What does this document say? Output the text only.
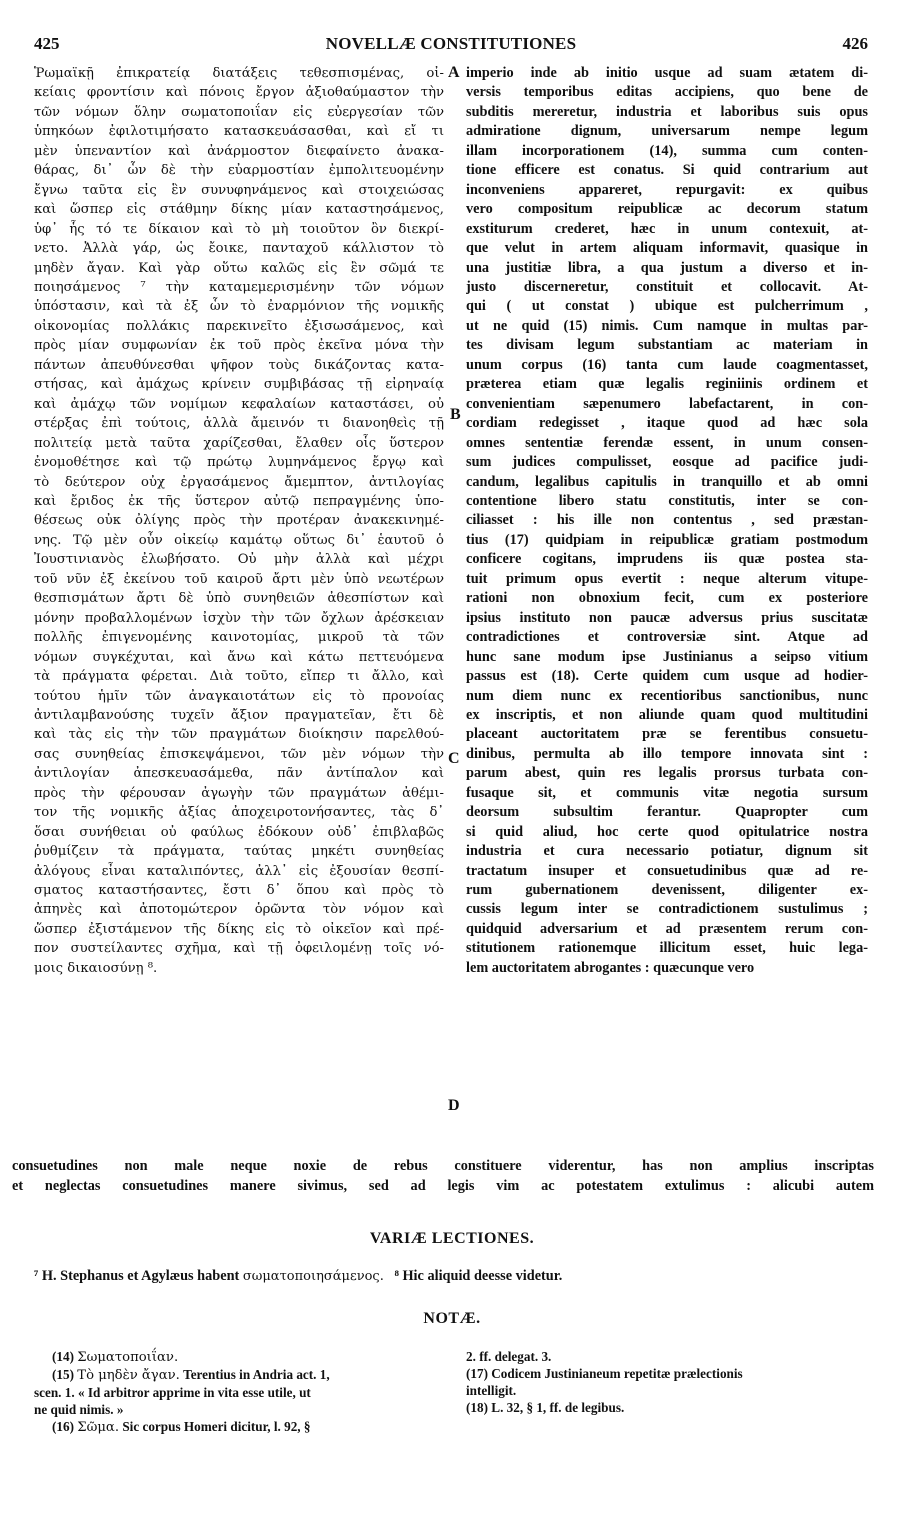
425	NOVELLÆ CONSTITUTIONES	426
Ῥωμαϊκῇ ἐπικρατείᾳ διατάξεις τεθεσπισμένας, οἰ-
κείαις φροντίσιν καὶ πόνοις ἔργον ἀξιοθαύμαστον τὴν
τῶν νόμων ὅλην σωματοποιΐαν εἰς εὐεργεσίαν τῶν
ὑπηκόων ἐφιλοτιμήσατο κατασκευάσασθαι, καὶ εἴ τι
μὲν ὑπεναντίον καὶ ἀνάρμοστον διεφαίνετο ἀνακα-
θάρας, δι᾽ ὧν δὲ τὴν εὐαρμοστίαν ἐμπολιτευομένην
ἔγνω ταῦτα εἰς ἓν συνυφηνάμενος καὶ στοιχειώσας
καὶ ὥσπερ εἰς στάθμην δίκης μίαν καταστησάμενος,
ὑφ᾽ ἧς τό τε δίκαιον καὶ τὸ μὴ τοιοῦτον ὂν διεκρί-
νετο. Ἀλλὰ γάρ, ὡς ἔοικε, πανταχοῦ κάλλιστον τὸ
μηδὲν ἄγαν. Καὶ γὰρ οὕτω καλῶς εἰς ἓν σῶμά τε
ποιησάμενος ⁷ τὴν καταμεμερισμένην τῶν νόμων
ὑπόστασιν, καὶ τὰ ἐξ ὧν τὸ ἐναρμόνιον τῆς νομικῆς
οἰκονομίας πολλάκις παρεκινεῖτο ἐξισωσάμενος, καὶ
πρὸς μίαν συμφωνίαν ἐκ τοῦ πρὸς ἐκεῖνα μόνα τὴν
πάντων ἀπευθύνεσθαι ψῆφον τοὺς δικάζοντας κατα-
στήσας, καὶ ἀμάχως κρίνειν συμβιβάσας τῇ εἰρηναίᾳ
καὶ ἀμάχῳ τῶν νομίμων κεφαλαίων καταστάσει, οὐ
στέρξας ἐπὶ τούτοις, ἀλλὰ ἄμεινόν τι διανοηθεὶς τῇ
πολιτείᾳ μετὰ ταῦτα χαρίζεσθαι, ἔλαθεν οἷς ὕστερον
ἐνομοθέτησε καὶ τῷ πρώτῳ λυμηνάμενος ἔργῳ καὶ
τὸ δεύτερον οὐχ ἐργασάμενος ἄμεμπτον, ἀντιλογίας
καὶ ἔριδος ἐκ τῆς ὕστερον αὐτῷ πεπραγμένης ὑπο-
θέσεως οὐκ ὀλίγης πρὸς τὴν προτέραν ἀνακεκινημέ-
νης. Τῷ μὲν οὖν οἰκείῳ καμάτῳ οὕτως δι᾽ ἑαυτοῦ ὁ
Ἰουστινιανὸς ἐλωβήσατο. Οὐ μὴν ἀλλὰ καὶ μέχρι
τοῦ νῦν ἐξ ἐκείνου τοῦ καιροῦ ἄρτι μὲν ὑπὸ νεωτέρων
θεσπισμάτων ἄρτι δὲ ὑπὸ συνηθειῶν ἀθεσπίστων καὶ
μόνην προβαλλομένων ἰσχὺν τὴν τῶν ὄχλων ἀρέσκειαν
πολλῆς ἐπιγενομένης καινοτομίας, μικροῦ τὰ τῶν
νόμων συγκέχυται, καὶ ἄνω καὶ κάτω πεττευόμενα
τὰ πράγματα φέρεται. Διὰ τοῦτο, εἴπερ τι ἄλλο, καὶ
τούτου ἡμῖν τῶν ἀναγκαιοτάτων εἰς τὸ προνοίας
ἀντιλαμβανούσης τυχεῖν ἄξιον πραγματεῖαν, ἔτι δὲ
καὶ τὰς εἰς τὴν τῶν πραγμάτων διοίκησιν παρελθού-
σας συνηθείας ἐπισκεψάμενοι, τῶν μὲν νόμων τὴν
ἀντιλογίαν ἀπεσκευασάμεθα, πᾶν ἀντίπαλον καὶ
πρὸς τὴν φέρουσαν ἀγωγὴν τῶν πραγμάτων ἀθέμι-
τον τῆς νομικῆς ἀξίας ἀποχειροτονήσαντες, τὰς δ᾽
ὅσαι συνήθειαι οὐ φαύλως ἐδόκουν οὐδ᾽ ἐπιβλαβῶς
ῥυθμίζειν τὰ πράγματα, ταύτας μηκέτι συνηθείας
ἀλόγους εἶναι καταλιπόντες, ἀλλ᾽ εἰς ἐξουσίαν θεσπί-
σματος καταστήσαντες, ἔστι δ᾽ ὅπου καὶ πρὸς τὸ
ἀπηνὲς καὶ ἀποτομώτερον ὁρῶντα τὸν νόμον καὶ
ὥσπερ ἐξιστάμενον τῆς δίκης εἰς τὸ οἰκεῖον καὶ πρέ-
πον συστείλαντες σχῆμα, καὶ τῇ ὀφειλομένῃ τοῖς νό-
μοις δικαιοσύνῃ ⁸.
imperio inde ab initio usque ad suam ætatem di-
versis temporibus editas accipiens, quo bene de
subditis mereretur, industria et laboribus suis opus
admiratione dignum, universarum nempe legum
illam incorporationem (14), summa cum conten-
tione efficere est conatus. Si quid contrarium aut
inconveniens appareret, repurgavit: ex quibus
vero compositum reipublicæ ac decorum statum
exstiturum crederet, hæc in unum contexuit, at-
que velut in artem aliquam informavit, quasique in
una justitiæ libra, a qua justum a diverso et in-
justo discerneretur, constituit et collocavit. At-
qui ( ut constat ) ubique est pulcherrimum ,
ut ne quid (15) nimis. Cum namque in multas par-
tes divisam legum substantiam ac materiam in
unum corpus (16) tanta cum laude coagmentasset,
præterea etiam quæ legalis reginiinis ordinem et
convenientiam sæpenumero labefactarent, in con-
cordiam redegisset , itaque quod ad hæc sola
omnes sententiæ ferendæ essent, in unum consen-
sum judices compulisset, eosque ad pacifice judi-
candum, legalibus capitulis in tranquillo et ab omni
contentione libero statu constitutis, inter se con-
ciliasset : his ille non contentus , sed præstan-
tius (17) quidpiam in reipublicæ gratiam postmodum
conficere cogitans, imprudens iis quæ postea sta-
tuit primum opus evertit : neque alterum vitupe-
rationi non obnoxium fecit, cum ex posteriore
ipsius instituto non paucæ adversus prius suscitatæ
contradictiones et controversiæ sint. Atque ad
hunc sane modum ipse Justinianus a seipso vitium
passus est (18). Certe quidem cum usque ad hodier-
num diem nunc ex recentioribus sanctionibus, nunc
ex inscriptis, et non aliunde quam quod multitudini
placeant auctoritatem præ se ferentibus consuetu-
dinibus, permulta ab illo tempore innovata sint :
parum abest, quin res legalis prorsus turbata con-
fusaque sit, et communis vitæ negotia sursum
deorsum subsultim ferantur. Quapropter cum
si quid aliud, hoc certe quod opitulatrice nostra
industria et cura necessario potiatur, dignum sit
tractatum insuper et consuetudinibus quæ ad re-
rum gubernationem devenissent, diligenter ex-
cussis legum inter se contradictionem sustulimus ;
quidquid adversarium et ad præsentem rerum con-
stitutionem rationemque illicitum esset, huic lega-
lem auctoritatem abrogantes : quæcunque vero
A
B
C
D
consuetudines non male neque noxie de rebus constituere viderentur, has non amplius inscriptas
et neglectas consuetudines manere sivimus, sed ad legis vim ac potestatem extulimus : alicubi autem
VARIÆ LECTIONES.
⁷ H. Stephanus et Agylæus habent σωματοποιησάμενος. ⁸ Hic aliquid deesse videtur.
NOTÆ.
(14) Σωματοποιΐαν.
(15) Τὸ μηδὲν ἄγαν. Terentius in Andria act. 1,
scen. 1. « Id arbitror apprime in vita esse utile, ut
ne quid nimis. »
(16) Σῶμα. Sic corpus Homeri dicitur, l. 92, §
2. ff. delegat. 3.
(17) Codicem Justinianeum repetitæ prælectionis
intelligit.
(18) L. 32, § 1, ff. de legibus.
